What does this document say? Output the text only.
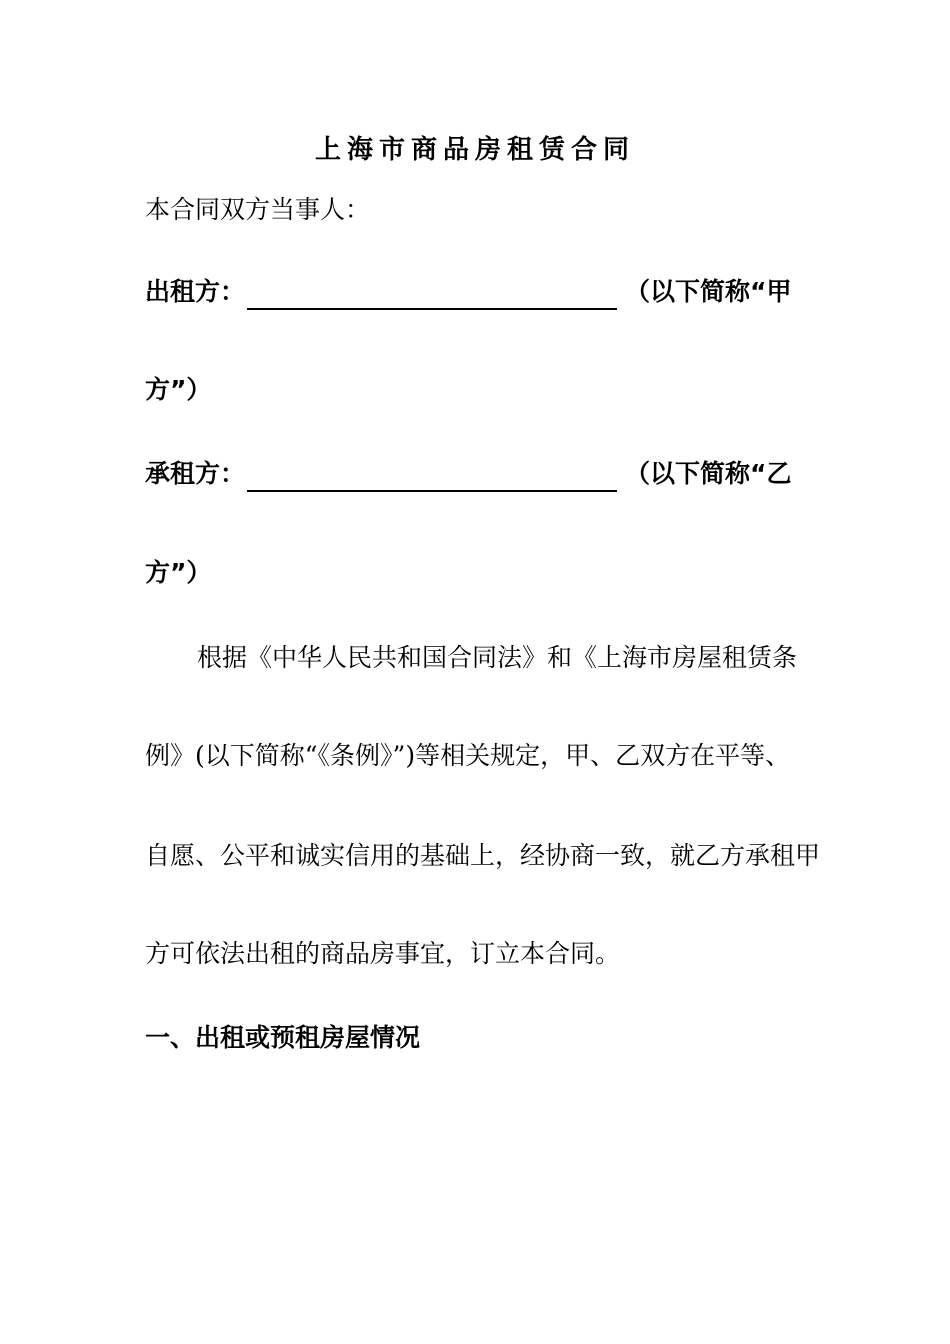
上海市商品房租赁合同
本合同双方当事人：
出租方：	（以下简称“甲
方”）
承租方：	（以下简称“乙
方”）
根据《中华人民共和国合同法》和《上海市房屋租赁条
例》(以下简称“《条例》”)等相关规定，甲、乙双方在平等、
自愿、公平和诚实信用的基础上，经协商一致，就乙方承租甲
方可依法出租的商品房事宜，订立本合同。
一、出租或预租房屋情况
